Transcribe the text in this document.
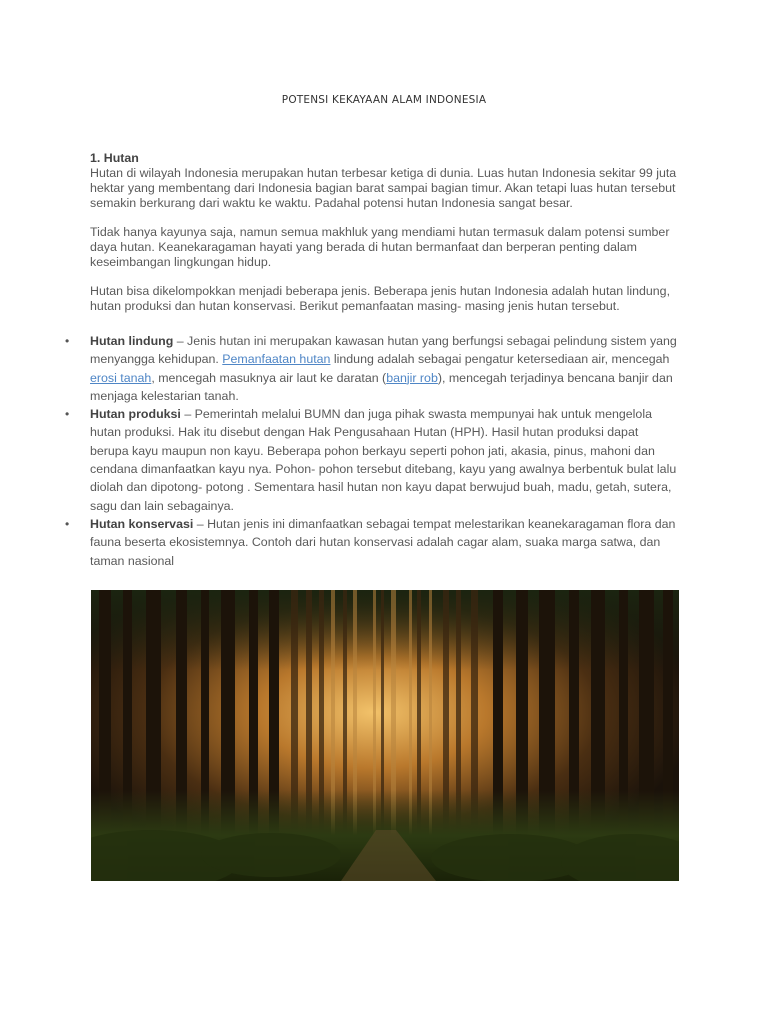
POTENSI KEKAYAAN ALAM INDONESIA
1. Hutan
Hutan di wilayah Indonesia merupakan hutan terbesar ketiga di dunia. Luas hutan Indonesia sekitar 99 juta hektar yang membentang dari Indonesia bagian barat sampai bagian timur. Akan tetapi luas hutan tersebut semakin berkurang dari waktu ke waktu. Padahal potensi hutan Indonesia sangat besar.

Tidak hanya kayunya saja, namun semua makhluk yang mendiami hutan termasuk dalam potensi sumber daya hutan. Keanekaragaman hayati yang berada di hutan bermanfaat dan berperan penting dalam keseimbangan lingkungan hidup.

Hutan bisa dikelompokkan menjadi beberapa jenis. Beberapa jenis hutan Indonesia adalah hutan lindung, hutan produksi dan hutan konservasi. Berikut pemanfaatan masing- masing jenis hutan tersebut.

• Hutan lindung – Jenis hutan ini merupakan kawasan hutan yang berfungsi sebagai pelindung sistem yang menyangga kehidupan. Pemanfaatan hutan lindung adalah sebagai pengatur ketersediaan air, mencegah erosi tanah, mencegah masuknya air laut ke daratan (banjir rob), mencegah terjadinya bencana banjir dan menjaga kelestarian tanah.
• Hutan produksi – Pemerintah melalui BUMN dan juga pihak swasta mempunyai hak untuk mengelola hutan produksi. Hak itu disebut dengan Hak Pengusahaan Hutan (HPH). Hasil hutan produksi dapat berupa kayu maupun non kayu. Beberapa pohon berkayu seperti pohon jati, akasia, pinus, mahoni dan cendana dimanfaatkan kayu nya. Pohon- pohon tersebut ditebang, kayu yang awalnya berbentuk bulat lalu diolah dan dipotong- potong . Sementara hasil hutan non kayu dapat berwujud buah, madu, getah, sutera, sagu dan lain sebagainya.
• Hutan konservasi – Hutan jenis ini dimanfaatkan sebagai tempat melestarikan keanekaragaman flora dan fauna beserta ekosistemnya. Contoh dari hutan konservasi adalah cagar alam, suaka marga satwa, dan taman nasional
